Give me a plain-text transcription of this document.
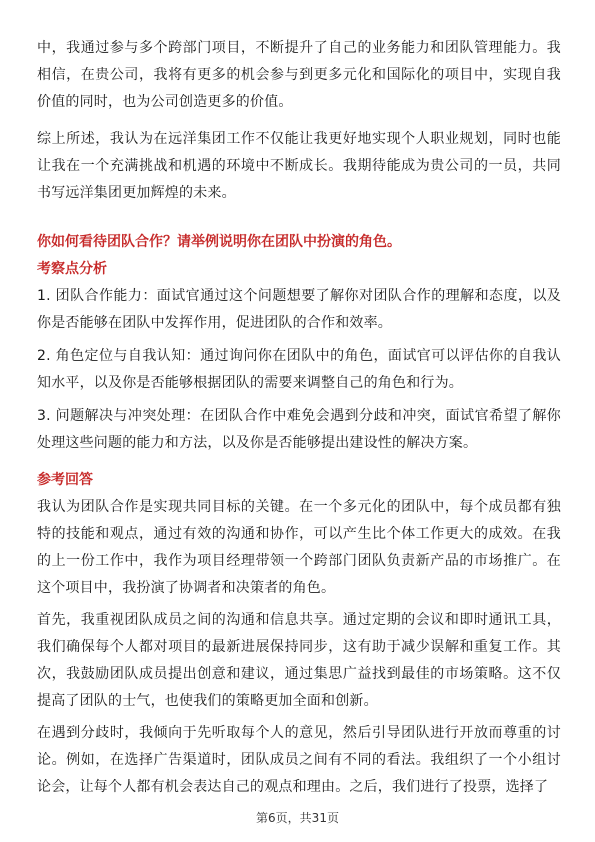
中，我通过参与多个跨部门项目，不断提升了自己的业务能力和团队管理能力。我相信，在贵公司，我将有更多的机会参与到更多元化和国际化的项目中，实现自我价值的同时，也为公司创造更多的价值。

综上所述，我认为在远洋集团工作不仅能让我更好地实现个人职业规划，同时也能让我在一个充满挑战和机遇的环境中不断成长。我期待能成为贵公司的一员，共同书写远洋集团更加辉煌的未来。

你如何看待团队合作？请举例说明你在团队中扮演的角色。
考察点分析

1. 团队合作能力：面试官通过这个问题想要了解你对团队合作的理解和态度，以及你是否能够在团队中发挥作用，促进团队的合作和效率。

2. 角色定位与自我认知：通过询问你在团队中的角色，面试官可以评估你的自我认知水平，以及你是否能够根据团队的需要来调整自己的角色和行为。

3. 问题解决与冲突处理：在团队合作中难免会遇到分歧和冲突，面试官希望了解你处理这些问题的能力和方法，以及你是否能够提出建设性的解决方案。

参考回答

我认为团队合作是实现共同目标的关键。在一个多元化的团队中，每个成员都有独特的技能和观点，通过有效的沟通和协作，可以产生比个体工作更大的成效。在我的上一份工作中，我作为项目经理带领一个跨部门团队负责新产品的市场推广。在这个项目中，我扮演了协调者和决策者的角色。

首先，我重视团队成员之间的沟通和信息共享。通过定期的会议和即时通讯工具，我们确保每个人都对项目的最新进展保持同步，这有助于减少误解和重复工作。其次，我鼓励团队成员提出创意和建议，通过集思广益找到最佳的市场策略。这不仅提高了团队的士气，也使我们的策略更加全面和创新。

在遇到分歧时，我倾向于先听取每个人的意见，然后引导团队进行开放而尊重的讨论。例如，在选择广告渠道时，团队成员之间有不同的看法。我组织了一个小组讨论会，让每个人都有机会表达自己的观点和理由。之后，我们进行了投票，选择了

第6页，共31页
